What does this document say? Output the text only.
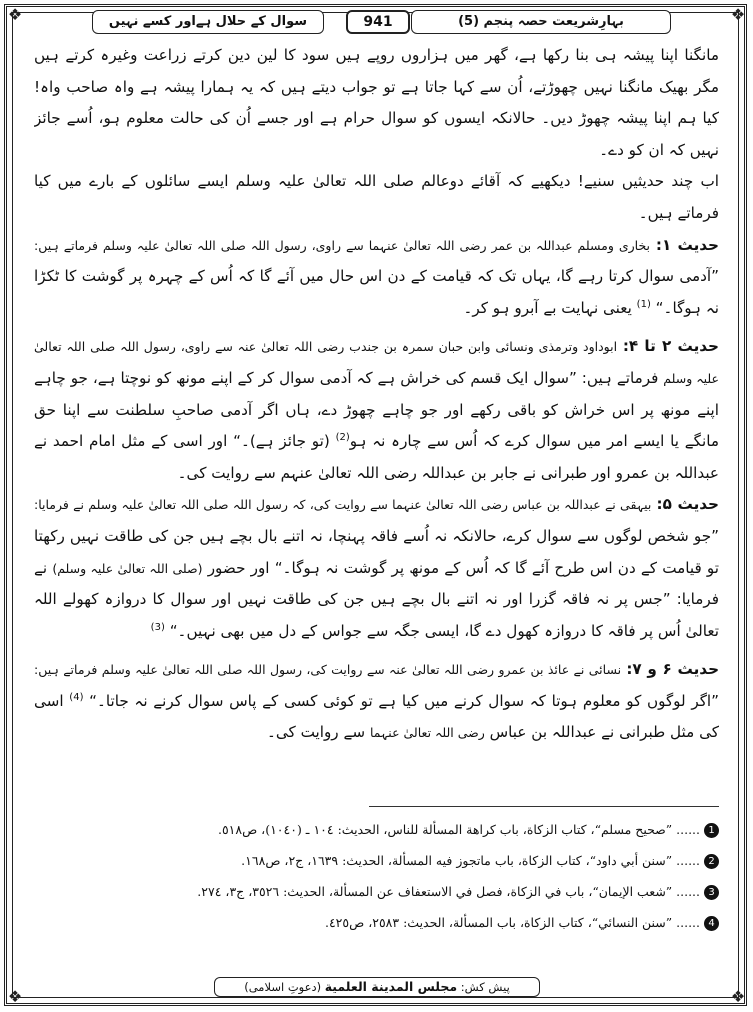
❖	❖
❖	❖
بہارِشریعت حصہ پنجم (5)
941
سوال کے حلال ہےاور کسے نہیں

مانگنا اپنا پیشہ ہی بنا رکھا ہے، گھر میں ہزاروں روپے ہیں سود کا لین دین کرتے زراعت وغیرہ کرتے ہیں مگر بھیک مانگنا نہیں چھوڑتے، اُن سے کہا جاتا ہے تو جواب دیتے ہیں کہ یہ ہمارا پیشہ ہے واہ صاحب واہ! کیا ہم اپنا پیشہ چھوڑ دیں۔ حالانکہ ایسوں کو سوال حرام ہے اور جسے اُن کی حالت معلوم ہو، اُسے جائز نہیں کہ ان کو دے۔

اب چند حدیثیں سنیے! دیکھیے کہ آقائے دوعالم صلی اللہ تعالیٰ علیہ وسلم ایسے سائلوں کے بارے میں کیا فرماتے ہیں۔

حدیث ۱: بخاری ومسلم عبداللہ بن عمر رضی اللہ تعالیٰ عنہما سے راوی، رسول اللہ صلی اللہ تعالیٰ علیہ وسلم فرماتے ہیں: ”آدمی سوال کرتا رہے گا، یہاں تک کہ قیامت کے دن اس حال میں آئے گا کہ اُس کے چہرہ پر گوشت کا ٹکڑا نہ ہوگا۔“ $^{(1)}$ یعنی نہایت بے آبرو ہو کر۔

حدیث ۲ تا ۴: ابوداود وترمذی ونسائی وابن حبان سمرہ بن جندب رضی اللہ تعالیٰ عنہ سے راوی، رسول اللہ صلی اللہ تعالیٰ علیہ وسلم فرماتے ہیں: ”سوال ایک قسم کی خراش ہے کہ آدمی سوال کر کے اپنے مونھ کو نوچتا ہے، جو چاہے اپنے مونھ پر اس خراش کو باقی رکھے اور جو چاہے چھوڑ دے، ہاں اگر آدمی صاحبِ سلطنت سے اپنا حق مانگے یا ایسے امر میں سوال کرے کہ اُس سے چارہ نہ ہو$^{(2)}$ (تو جائز ہے)۔“ اور اسی کے مثل امام احمد نے عبداللہ بن عمرو اور طبرانی نے جابر بن عبداللہ رضی اللہ تعالیٰ عنہم سے روایت کی۔

حدیث ۵: بیہقی نے عبداللہ بن عباس رضی اللہ تعالیٰ عنہما سے روایت کی، کہ رسول اللہ صلی اللہ تعالیٰ علیہ وسلم نے فرمایا: ”جو شخص لوگوں سے سوال کرے، حالانکہ نہ اُسے فاقہ پہنچا، نہ اتنے بال بچے ہیں جن کی طاقت نہیں رکھتا تو قیامت کے دن اس طرح آئے گا کہ اُس کے مونھ پر گوشت نہ ہوگا۔“ اور حضور (صلی اللہ تعالیٰ علیہ وسلم) نے فرمایا: ”جس پر نہ فاقہ گزرا اور نہ اتنے بال بچے ہیں جن کی طاقت نہیں اور سوال کا دروازہ کھولے اللہ تعالیٰ اُس پر فاقہ کا دروازہ کھول دے گا، ایسی جگہ سے جواس کے دل میں بھی نہیں۔“ $^{(3)}$

حدیث ۶ و ۷: نسائی نے عائذ بن عمرو رضی اللہ تعالیٰ عنہ سے روایت کی، رسول اللہ صلی اللہ تعالیٰ علیہ وسلم فرماتے ہیں: ”اگر لوگوں کو معلوم ہوتا کہ سوال کرنے میں کیا ہے تو کوئی کسی کے پاس سوال کرنے نہ جاتا۔“ $^{(4)}$ اسی کی مثل طبرانی نے عبداللہ بن عباس رضی اللہ تعالیٰ عنہما سے روایت کی۔

1...... ”صحيح مسلم“، كتاب الزكاة، باب كراهة المسألة للناس، الحديث: ١٠٤ ـ (١٠٤٠)، ص٥١٨.
2...... ”سنن أبي داود“، كتاب الزكاة، باب ماتجوز فيه المسألة، الحديث: ١٦٣٩، ج٢، ص١٦٨.
3...... ”شعب الإيمان“، باب في الزكاة، فصل في الاستعفاف عن المسألة، الحديث: ٣٥٢٦، ج٣، ٢٧٤.
4...... ”سنن النسائي“، كتاب الزكاة، باب المسألة، الحديث: ٢٥٨٣، ص٤٢٥.
پیش کش: مجلس المدينة العلمية (دعوتِ اسلامی)
